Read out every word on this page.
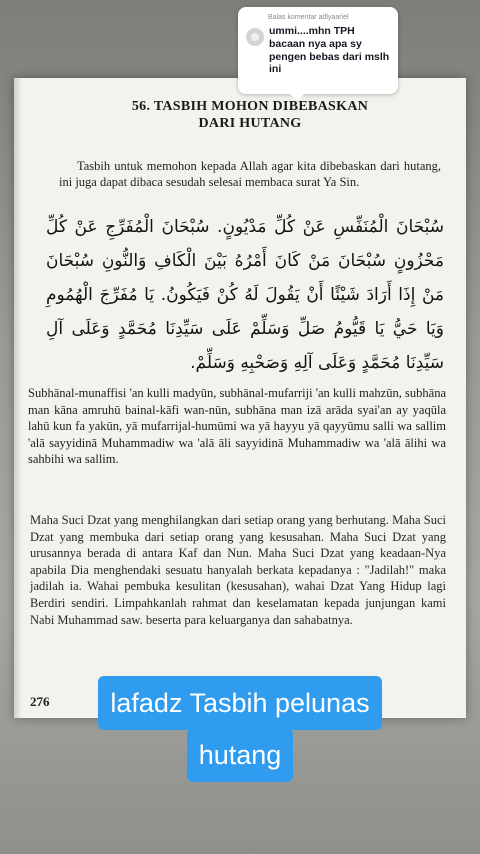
56. TASBIH MOHON DIBEBASKAN
DARI HUTANG

Tasbih untuk memohon kepada Allah agar kita dibebaskan dari hutang, ini juga dapat dibaca sesudah selesai membaca surat Ya Sin.

سُبْحَانَ الْمُنَفِّسِ عَنْ كُلِّ مَدْيُونٍ. سُبْحَانَ الْمُفَرِّجِ عَنْ كُلِّ مَحْزُونٍ سُبْحَانَ مَنْ كَانَ أَمْرُهُ بَيْنَ الْكَافِ وَالنُّونِ سُبْحَانَ مَنْ إِذَا أَرَادَ شَيْئًا أَنْ يَقُولَ لَهُ كُنْ فَيَكُونُ. يَا مُفَرِّجَ الْهُمُومِ وَيَا حَيُّ يَا قَيُّومُ صَلِّ وَسَلِّمْ عَلَى سَيِّدِنَا مُحَمَّدٍ وَعَلَى آلِ سَيِّدِنَا مُحَمَّدٍ وَعَلَى آلِهِ وَصَحْبِهِ وَسَلِّمْ.

Subhānal-munaffisi 'an kulli madyūn, subhānal-mufarriji 'an kulli mahzūn, subhāna man kāna amruhū bainal-kāfi wan-nūn, subhāna man izā arāda syai'an ay yaqūla lahū kun fa yakūn, yā mufarrijal-humūmi wa yā hayyu yā qayyūmu salli wa sallim 'alā sayyidinā Muhammadiw wa 'alā āli sayyidinā Muhammadiw wa 'alā ālihi wa sahbihi wa sallim.

Maha Suci Dzat yang menghilangkan dari setiap orang yang berhutang. Maha Suci Dzat yang membuka dari setiap orang yang kesusahan. Maha Suci Dzat yang urusannya berada di antara Kaf dan Nun. Maha Suci Dzat yang keadaan-Nya apabila Dia menghendaki sesuatu hanyalah berkata kepadanya : "Jadilah!" maka jadilah ia. Wahai pembuka kesulitan (kesusahan), wahai Dzat Yang Hidup lagi Berdiri sendiri. Limpahkanlah rahmat dan keselamatan kepada junjungan kami Nabi Muhammad saw. beserta para keluarganya dan sahabatnya.

276
Balas komentar adlyaariel
ummi....mhn TPH bacaan nya apa sy pengen bebas dari mslh ini
lafadz Tasbih pelunas
hutang
